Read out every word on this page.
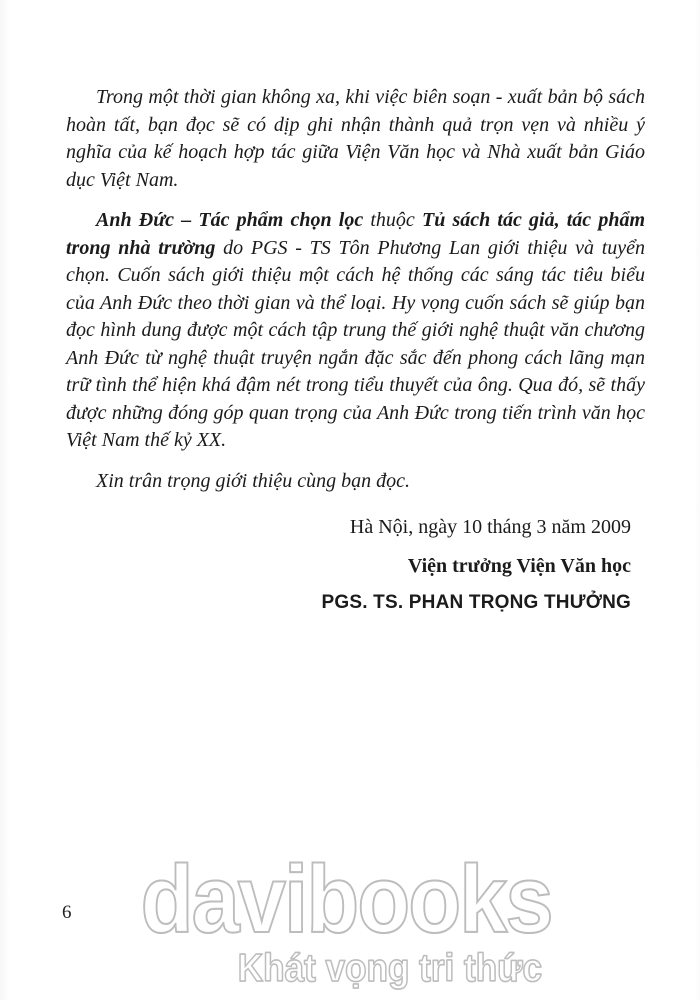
Trong một thời gian không xa, khi việc biên soạn - xuất bản bộ sách hoàn tất, bạn đọc sẽ có dịp ghi nhận thành quả trọn vẹn và nhiều ý nghĩa của kế hoạch hợp tác giữa Viện Văn học và Nhà xuất bản Giáo dục Việt Nam.

Anh Đức – Tác phẩm chọn lọc thuộc Tủ sách tác giả, tác phẩm trong nhà trường do PGS - TS Tôn Phương Lan giới thiệu và tuyển chọn. Cuốn sách giới thiệu một cách hệ thống các sáng tác tiêu biểu của Anh Đức theo thời gian và thể loại. Hy vọng cuốn sách sẽ giúp bạn đọc hình dung được một cách tập trung thế giới nghệ thuật văn chương Anh Đức từ nghệ thuật truyện ngắn đặc sắc đến phong cách lãng mạn trữ tình thể hiện khá đậm nét trong tiểu thuyết của ông. Qua đó, sẽ thấy được những đóng góp quan trọng của Anh Đức trong tiến trình văn học Việt Nam thế kỷ XX.

Xin trân trọng giới thiệu cùng bạn đọc.

Hà Nội, ngày 10 tháng 3 năm 2009

Viện trưởng Viện Văn học

PGS. TS. PHAN TRỌNG THƯỞNG

6 davibooks
Khát vọng tri thức
